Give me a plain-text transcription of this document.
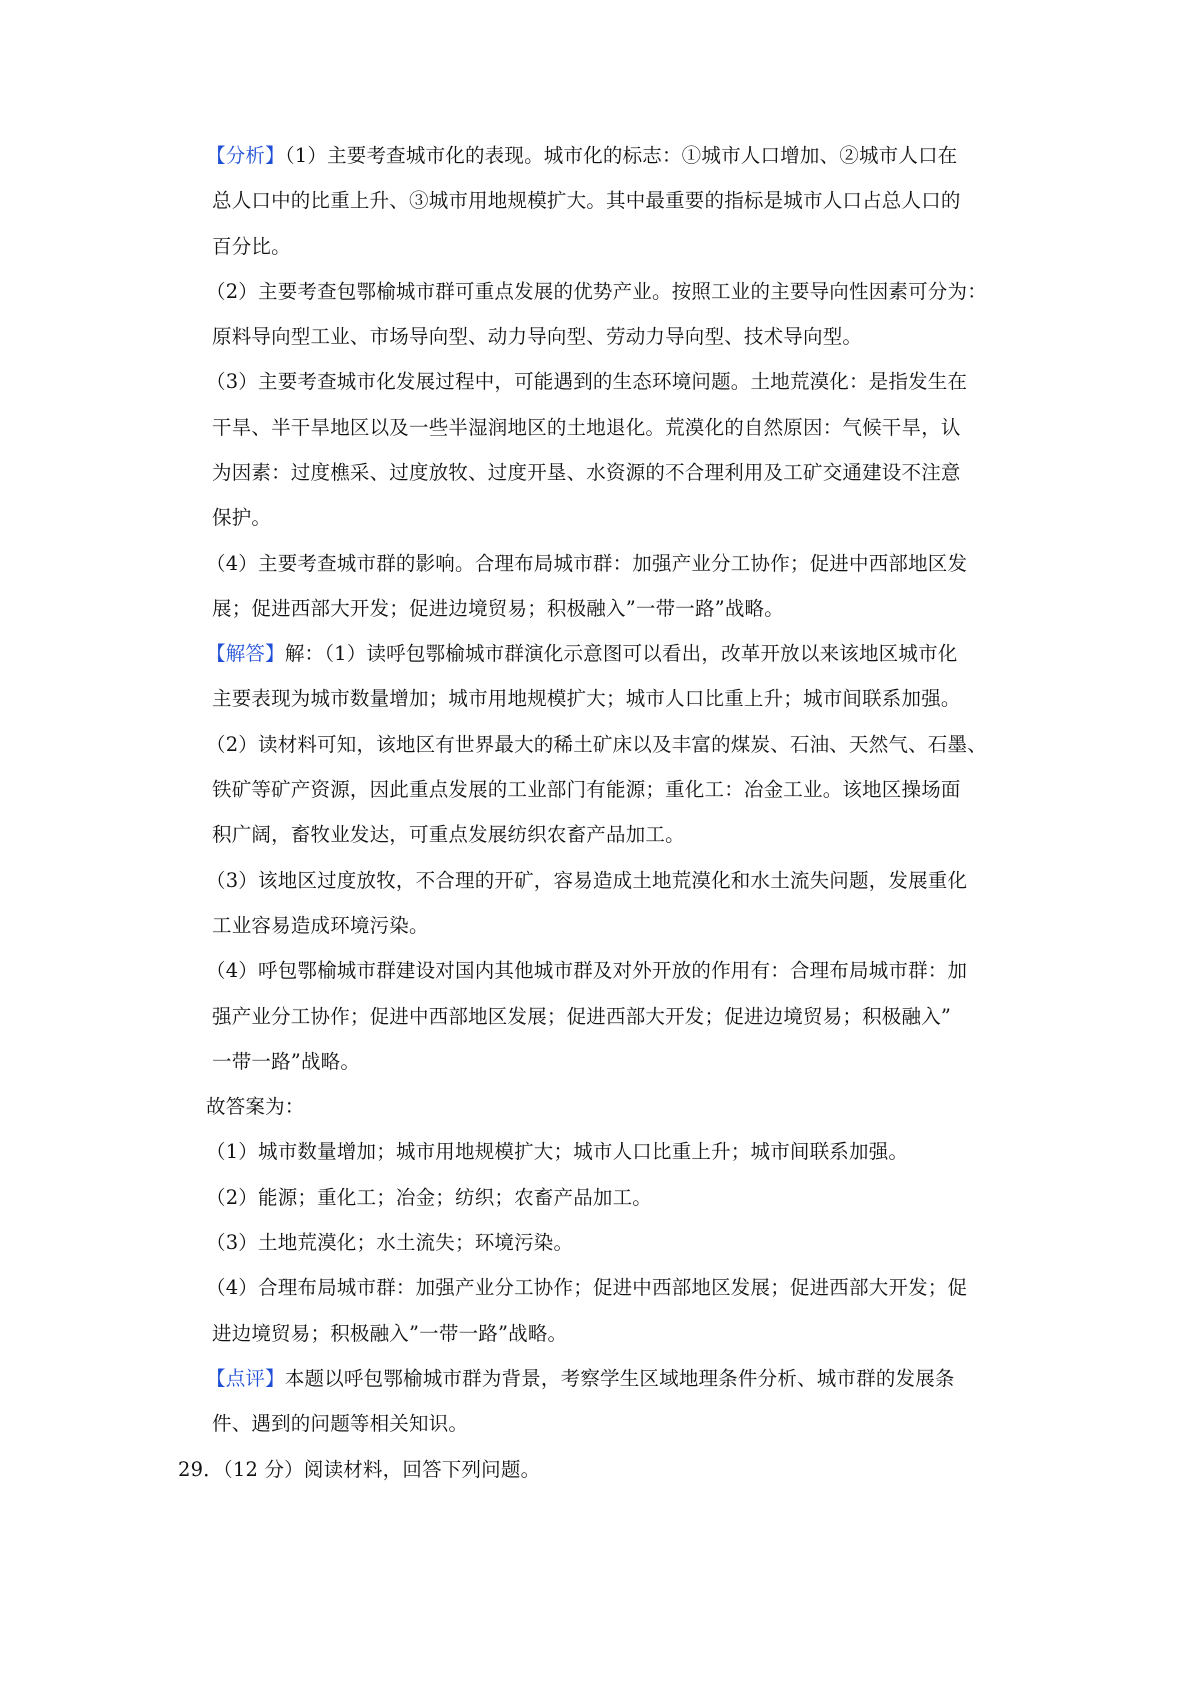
【分析】（1）主要考查城市化的表现。城市化的标志：①城市人口增加、②城市人口在
总人口中的比重上升、③城市用地规模扩大。其中最重要的指标是城市人口占总人口的
百分比。
（2）主要考查包鄂榆城市群可重点发展的优势产业。按照工业的主要导向性因素可分为：
原料导向型工业、市场导向型、动力导向型、劳动力导向型、技术导向型。
（3）主要考查城市化发展过程中，可能遇到的生态环境问题。土地荒漠化：是指发生在
干旱、半干旱地区以及一些半湿润地区的土地退化。荒漠化的自然原因：气候干旱，认
为因素：过度樵采、过度放牧、过度开垦、水资源的不合理利用及工矿交通建设不注意
保护。
（4）主要考查城市群的影响。合理布局城市群：加强产业分工协作；促进中西部地区发
展；促进西部大开发；促进边境贸易；积极融入”一带一路”战略。
【解答】解：（1）读呼包鄂榆城市群演化示意图可以看出，改革开放以来该地区城市化
主要表现为城市数量增加；城市用地规模扩大；城市人口比重上升；城市间联系加强。
（2）读材料可知，该地区有世界最大的稀土矿床以及丰富的煤炭、石油、天然气、石墨、
铁矿等矿产资源，因此重点发展的工业部门有能源；重化工：冶金工业。该地区操场面
积广阔，畜牧业发达，可重点发展纺织农畜产品加工。
（3）该地区过度放牧，不合理的开矿，容易造成土地荒漠化和水土流失问题，发展重化
工业容易造成环境污染。
（4）呼包鄂榆城市群建设对国内其他城市群及对外开放的作用有：合理布局城市群：加
强产业分工协作；促进中西部地区发展；促进西部大开发；促进边境贸易；积极融入”
一带一路”战略。
故答案为：
（1）城市数量增加；城市用地规模扩大；城市人口比重上升；城市间联系加强。
（2）能源；重化工；冶金；纺织；农畜产品加工。
（3）土地荒漠化；水土流失；环境污染。
（4）合理布局城市群：加强产业分工协作；促进中西部地区发展；促进西部大开发；促
进边境贸易；积极融入”一带一路”战略。
【点评】本题以呼包鄂榆城市群为背景，考察学生区域地理条件分析、城市群的发展条
件、遇到的问题等相关知识。
29．（12 分）阅读材料，回答下列问题。
